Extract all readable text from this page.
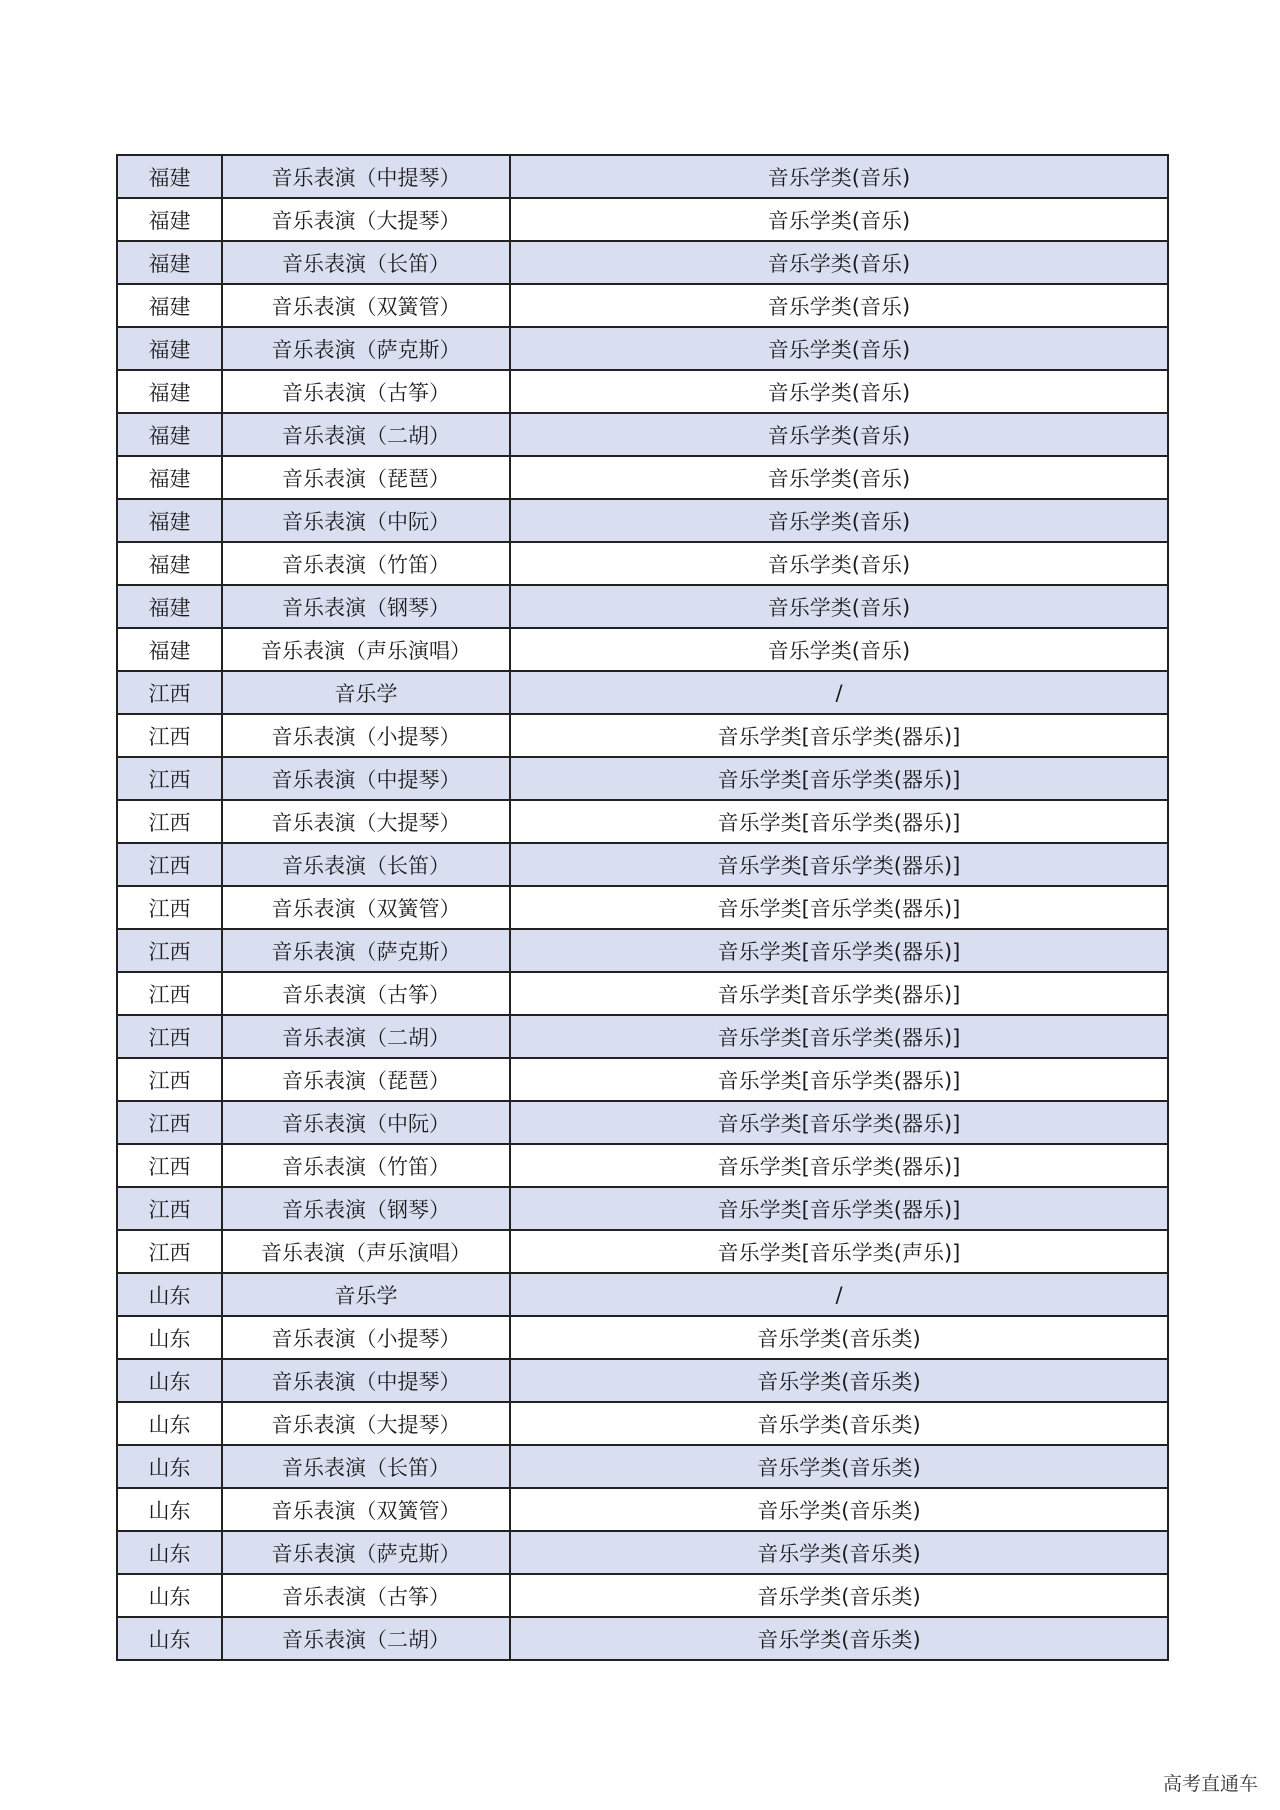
福建	音乐表演（中提琴）	音乐学类(音乐)
福建	音乐表演（大提琴）	音乐学类(音乐)
福建	音乐表演（长笛）	音乐学类(音乐)
福建	音乐表演（双簧管）	音乐学类(音乐)
福建	音乐表演（萨克斯）	音乐学类(音乐)
福建	音乐表演（古筝）	音乐学类(音乐)
福建	音乐表演（二胡）	音乐学类(音乐)
福建	音乐表演（琵琶）	音乐学类(音乐)
福建	音乐表演（中阮）	音乐学类(音乐)
福建	音乐表演（竹笛）	音乐学类(音乐)
福建	音乐表演（钢琴）	音乐学类(音乐)
福建	音乐表演（声乐演唱）	音乐学类(音乐)
江西	音乐学	/
江西	音乐表演（小提琴）	音乐学类[音乐学类(器乐)]
江西	音乐表演（中提琴）	音乐学类[音乐学类(器乐)]
江西	音乐表演（大提琴）	音乐学类[音乐学类(器乐)]
江西	音乐表演（长笛）	音乐学类[音乐学类(器乐)]
江西	音乐表演（双簧管）	音乐学类[音乐学类(器乐)]
江西	音乐表演（萨克斯）	音乐学类[音乐学类(器乐)]
江西	音乐表演（古筝）	音乐学类[音乐学类(器乐)]
江西	音乐表演（二胡）	音乐学类[音乐学类(器乐)]
江西	音乐表演（琵琶）	音乐学类[音乐学类(器乐)]
江西	音乐表演（中阮）	音乐学类[音乐学类(器乐)]
江西	音乐表演（竹笛）	音乐学类[音乐学类(器乐)]
江西	音乐表演（钢琴）	音乐学类[音乐学类(器乐)]
江西	音乐表演（声乐演唱）	音乐学类[音乐学类(声乐)]
山东	音乐学	/
山东	音乐表演（小提琴）	音乐学类(音乐类)
山东	音乐表演（中提琴）	音乐学类(音乐类)
山东	音乐表演（大提琴）	音乐学类(音乐类)
山东	音乐表演（长笛）	音乐学类(音乐类)
山东	音乐表演（双簧管）	音乐学类(音乐类)
山东	音乐表演（萨克斯）	音乐学类(音乐类)
山东	音乐表演（古筝）	音乐学类(音乐类)
山东	音乐表演（二胡）	音乐学类(音乐类)
高考直通车
